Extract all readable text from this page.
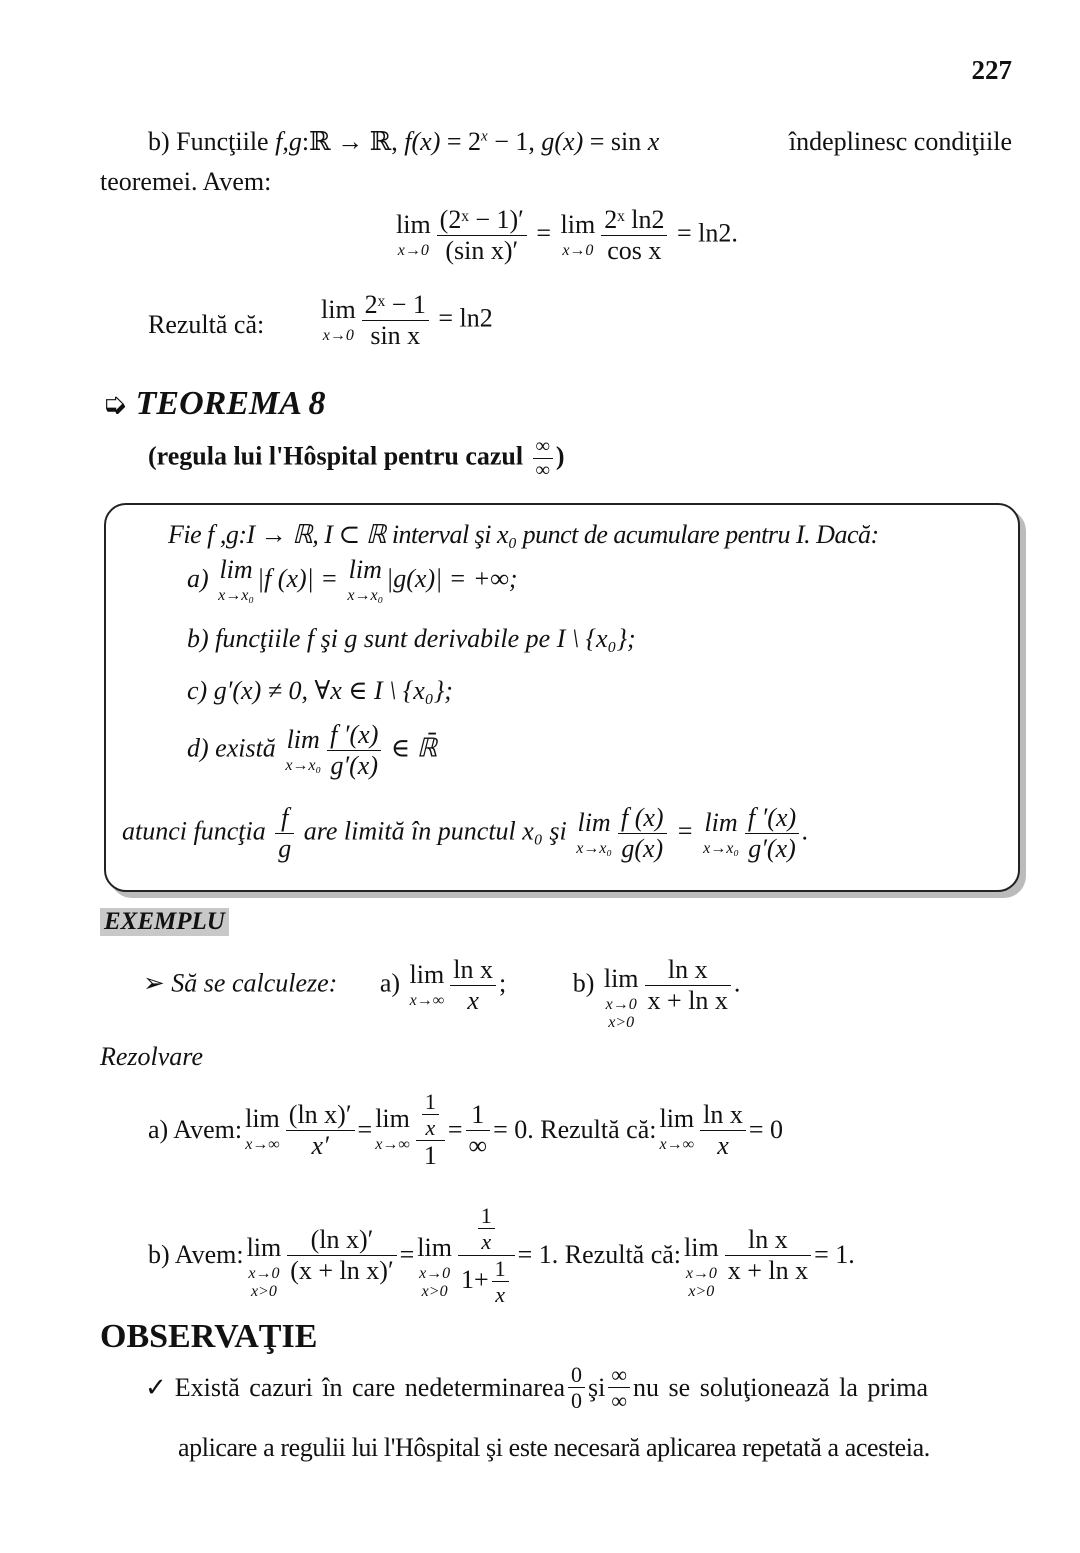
227
b) Funcţiile f,g:ℝ → ℝ, $f(x) = 2^x - 1$, g(x) = sin x	îndeplinesc condiţiile
teoremei. Avem:
lim
$x\to 0 \frac{\text{(2ˣ − 1)′}}{\text{(sin x)′}} = \lim$
$x\to 0 \frac{\text{2ˣ ln2}}{\text{cos x}} = \ln 2$.
Rezultă că:
lim
$x\to 0 \frac{\text{2ˣ − 1}}{\text{sin x}} = \ln 2$
➭ TEOREMA 8
(regula lui l'Hôspital pentru cazul $\frac{\infty}{\infty}$ )
Fie f ,g:I → ℝ, I ⊂ ℝ interval şi x₀ punct de acumulare pentru I. Dacă:
a) lim
x→x₀
|f (x)| = lim
x→x₀
|g(x)| = +∞;
b) funcţiile f şi g sunt derivabile pe I \ {x₀};
c) g′(x) ≠ 0, ∀x ∈ I \ {x₀};
d) există lim
$x\to x_0 \frac{f '(x)}{g'(x)}$ ∈ ℝ̄
atunci funcţia $\frac{f}{g}$ are limită în punctul x₀ şi lim
$x\to x_0 \frac{f (x)}{g(x)} = \lim$
$x\to x_0 \frac{f '(x)}{g'(x)}$ .
EXEMPLU
➢ Să se calculeze: a) lim
$x\to\infty \frac{\text{ln x}}{x}$ ;	b) lim
x→0
x>0
$\frac{\text{ln x}}{\text{x + ln x}}$ .
Rezolvare
a) Avem: lim
$x\to\infty \frac{\text{(ln x)′}}{x'} = \lim$
$x\to\infty \frac{\frac{1}{x}}{1} = \frac{1}{\infty} = 0$. Rezultă că: lim
$x\to\infty \frac{\text{ln x}}{x} = 0$
b) Avem: lim
x→0
x>0
$\frac{\text{(ln x)′}}{\text{(x + ln x)′}} = \lim$
x→0
$x>0 \frac{\frac{1}{x}}{1+ \frac{1}{x}} = 1$. Rezultă că: lim
x→0
x>0
$\frac{\text{ln x}}{\text{x + ln x}} = 1$.
OBSERVAŢIE
✓ Există cazuri în care nedeterminarea $\frac{0}{0}$ şi $\frac{\infty}{\infty}$ nu se soluţionează la prima
aplicare a regulii lui l'Hôspital şi este necesară aplicarea repetată a acesteia.
